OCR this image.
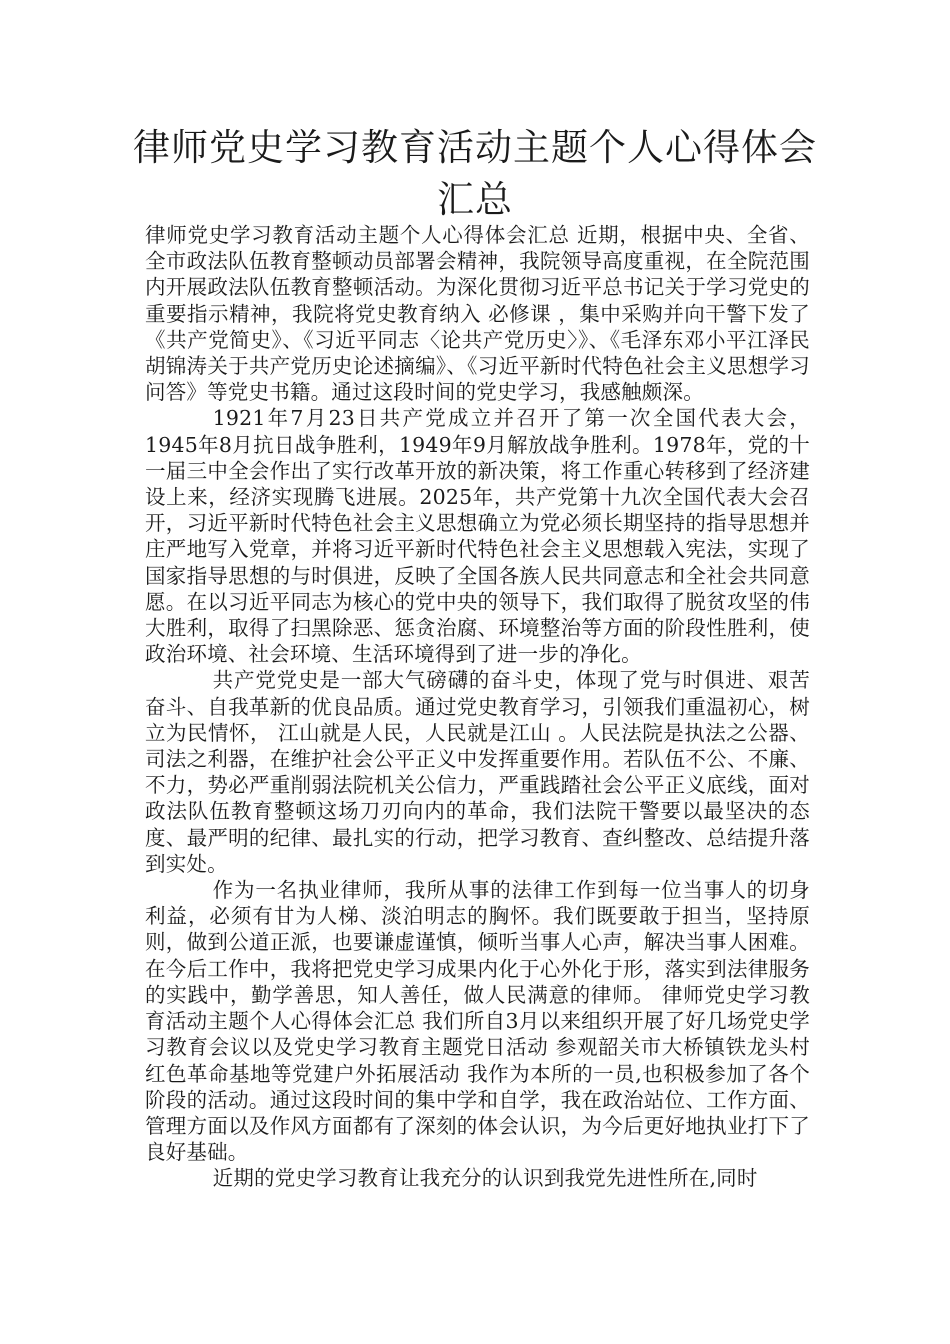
律师党史学习教育活动主题个人心得体会汇总

律师党史学习教育活动主题个人心得体会汇总 近期，根据中央、全省、全市政法队伍教育整顿动员部署会精神，我院领导高度重视，在全院范围内开展政法队伍教育整顿活动。为深化贯彻习近平总书记关于学习党史的重要指示精神，我院将党史教育纳入 必修课 ，集中采购并向干警下发了《共产党简史》、《习近平同志〈论共产党历史〉》、《毛泽东邓小平江泽民胡锦涛关于共产党历史论述摘编》、《习近平新时代特色社会主义思想学习问答》等党史书籍。通过这段时间的党史学习，我感触颇深。

1921年7月23日共产党成立并召开了第一次全国代表大会，1945年8月抗日战争胜利，1949年9月解放战争胜利。1978年，党的十一届三中全会作出了实行改革开放的新决策，将工作重心转移到了经济建设上来，经济实现腾飞进展。2025年，共产党第十九次全国代表大会召开，习近平新时代特色社会主义思想确立为党必须长期坚持的指导思想并庄严地写入党章，并将习近平新时代特色社会主义思想载入宪法，实现了国家指导思想的与时俱进，反映了全国各族人民共同意志和全社会共同意愿。在以习近平同志为核心的党中央的领导下，我们取得了脱贫攻坚的伟大胜利，取得了扫黑除恶、惩贪治腐、环境整治等方面的阶段性胜利，使政治环境、社会环境、生活环境得到了进一步的净化。

共产党党史是一部大气磅礴的奋斗史，体现了党与时俱进、艰苦奋斗、自我革新的优良品质。通过党史教育学习，引领我们重温初心，树立为民情怀， 江山就是人民，人民就是江山 。人民法院是执法之公器、司法之利器，在维护社会公平正义中发挥重要作用。若队伍不公、不廉、不力，势必严重削弱法院机关公信力，严重践踏社会公平正义底线，面对政法队伍教育整顿这场刀刃向内的革命，我们法院干警要以最坚决的态度、最严明的纪律、最扎实的行动，把学习教育、查纠整改、总结提升落到实处。

作为一名执业律师，我所从事的法律工作到每一位当事人的切身利益，必须有甘为人梯、淡泊明志的胸怀。我们既要敢于担当，坚持原则，做到公道正派，也要谦虚谨慎，倾听当事人心声，解决当事人困难。在今后工作中，我将把党史学习成果内化于心外化于形，落实到法律服务的实践中，勤学善思，知人善任，做人民满意的律师。 律师党史学习教育活动主题个人心得体会汇总 我们所自3月以来组织开展了好几场党史学习教育会议以及党史学习教育主题党日活动 参观韶关市大桥镇铁龙头村红色革命基地等党建户外拓展活动 我作为本所的一员,也积极参加了各个阶段的活动。通过这段时间的集中学和自学，我在政治站位、工作方面、管理方面以及作风方面都有了深刻的体会认识，为今后更好地执业打下了良好基础。

近期的党史学习教育让我充分的认识到我党先进性所在,同时
